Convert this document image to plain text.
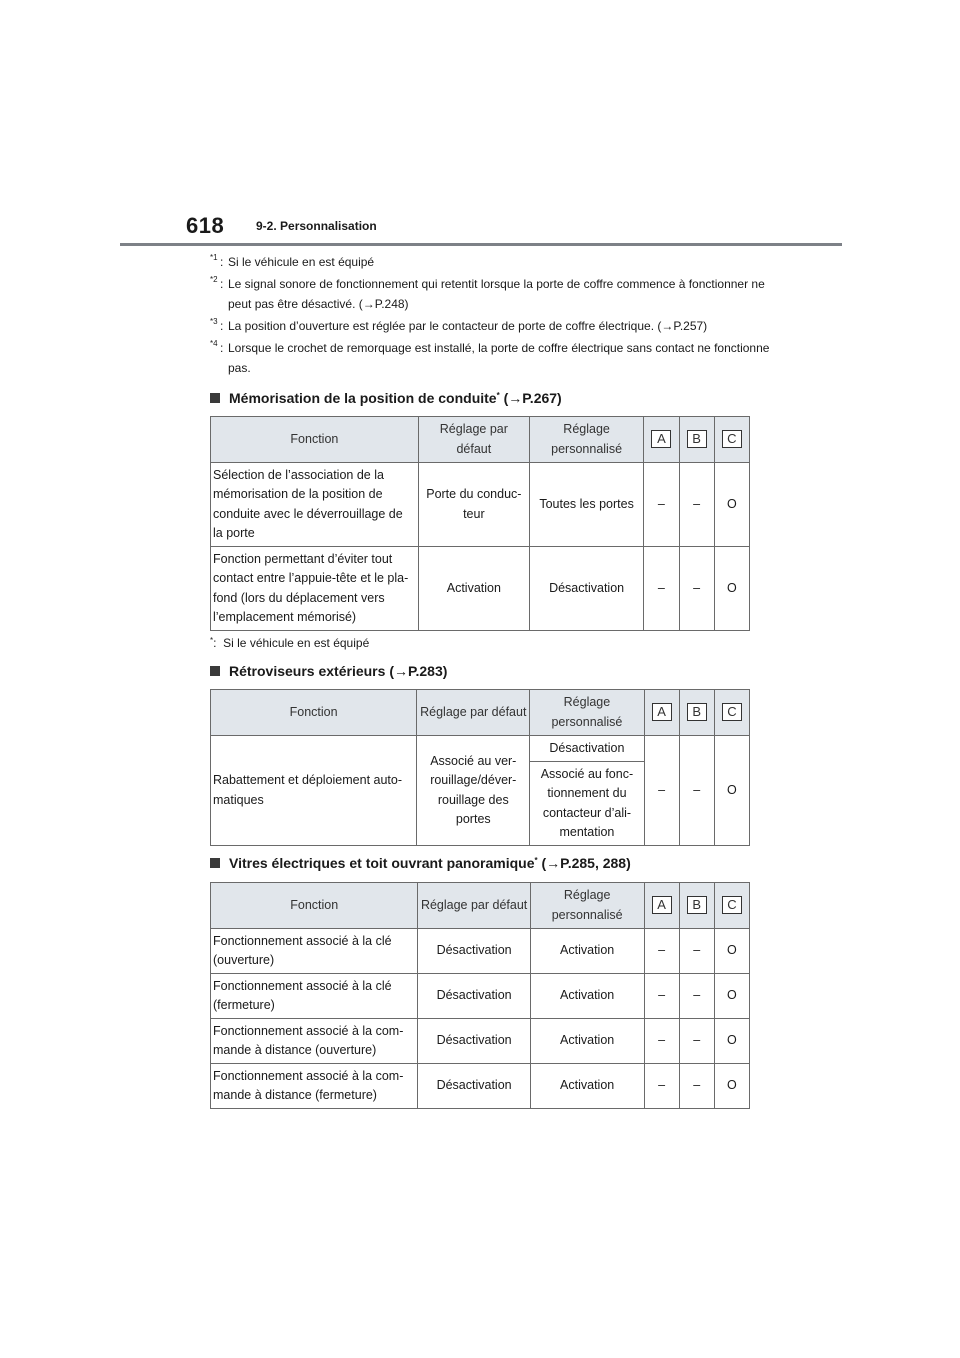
618	9-2. Personnalisation
*1 : Si le véhicule en est équipé
*2 : Le signal sonore de fonctionnement qui retentit lorsque la porte de coffre commence à fonctionner ne peut pas être désactivé. (→P.248)
*3 : La position d’ouverture est réglée par le contacteur de porte de coffre électrique. (→P.257)
*4 : Lorsque le crochet de remorquage est installé, la porte de coffre électrique sans contact ne fonctionne pas.
Mémorisation de la position de conduite*
(→P.267)
Fonction	Réglage par défaut	Réglage personnalisé	A	B	C
Sélection de l’association de la mémorisation de la position de conduite avec le déverrouillage de la porte	Porte du conduc- teur	Toutes les portes	–	–	O
Fonction permettant d’éviter tout contact entre l’appuie-tête et le pla- fond (lors du déplacement vers l’emplacement mémorisé)	Activation	Désactivation	–	–	O
*:  Si le véhicule en est équipé
Rétroviseurs extérieurs
(→P.283)
Fonction	Réglage par défaut	Réglage personnalisé	A	B	C
Rabattement et déploiement auto- matiques	Associé au ver- rouillage/déver- rouillage des portes	Désactivation	–	–	O
		Associé au fonc- tionnement du contacteur d’ali- mentation			
Vitres électriques et toit ouvrant panoramique*
(→P.285, 288)
Fonction	Réglage par défaut	Réglage personnalisé	A	B	C
Fonctionnement associé à la clé (ouverture)	Désactivation	Activation	–	–	O
Fonctionnement associé à la clé (fermeture)	Désactivation	Activation	–	–	O
Fonctionnement associé à la com- mande à distance (ouverture)	Désactivation	Activation	–	–	O
Fonctionnement associé à la com- mande à distance (fermeture)	Désactivation	Activation	–	–	O
